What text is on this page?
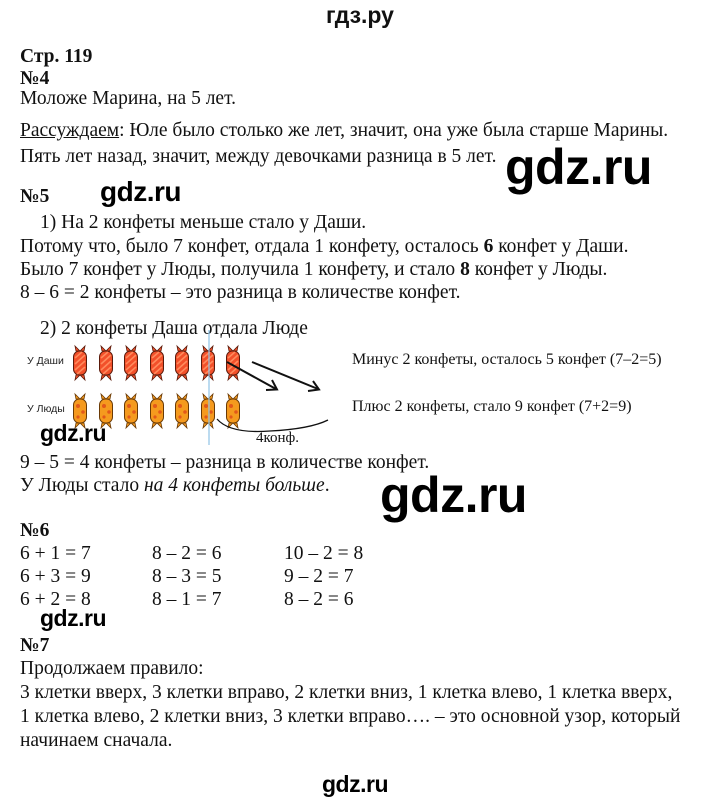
гдз.ру
Стр. 119
№4
Моложе Марина, на 5 лет.
Рассуждаем: Юле было столько же лет, значит, она уже была старше Марины.
Пять лет назад, значит, между девочками разница в 5 лет.
№5
1) На 2 конфеты меньше стало у Даши.
Потому что, было 7 конфет, отдала 1 конфету, осталось 6 конфет у Даши.
Было 7 конфет у Люды, получила 1 конфету, и стало 8 конфет у Люды.
8 – 6 = 2 конфеты – это разница в количестве конфет.
2) 2 конфеты Даша отдала Люде
У Даши
У Люды
4конф.
Минус 2 конфеты, осталось 5 конфет (7–2=5)
Плюс 2 конфеты, стало 9 конфет (7+2=9)
9 – 5 = 4 конфеты – разница в количестве конфет.
У Люды стало на 4 конфеты больше.
№6
6 + 1 = 7
6 + 3 = 9
6 + 2 = 8
8 – 2 = 6
8 – 3 = 5
8 – 1 = 7
10 – 2 = 8
9 – 2 = 7
8 – 2 = 6
№7
Продолжаем правило:
3 клетки вверх, 3 клетки вправо, 2 клетки вниз, 1 клетка влево, 1 клетка вверх,
1 клетка влево, 2 клетки вниз, 3 клетки вправо…. – это основной узор, который
начинаем сначала.
gdz.ru
gdz.ru
gdz.ru
gdz.ru
gdz.ru
gdz.ru
